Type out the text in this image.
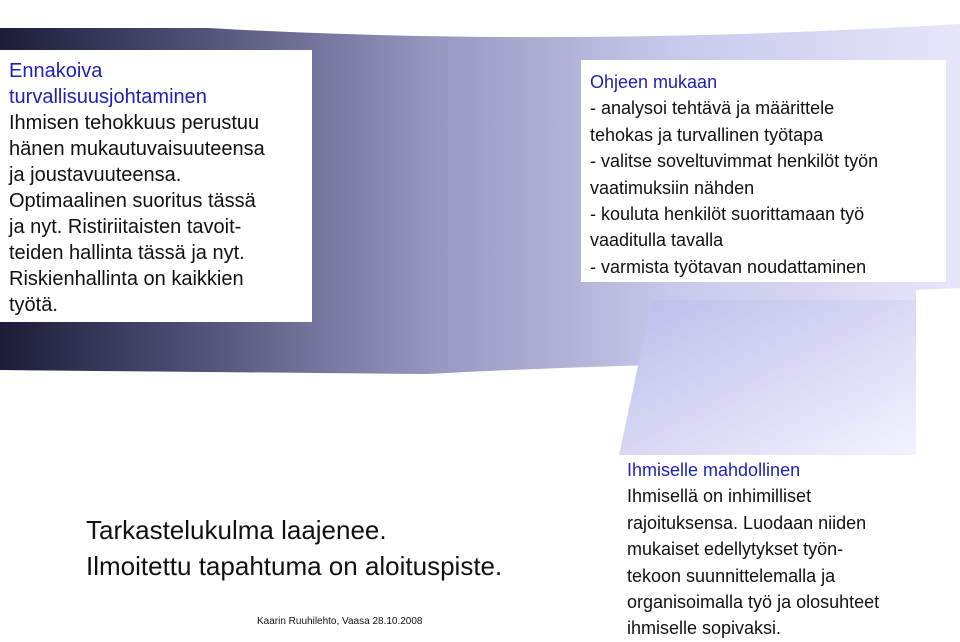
Ennakoiva
turvallisuusjohtaminen
Ihmisen tehokkuus perustuu
hänen mukautuvaisuuteensa
ja joustavuuteensa.
Optimaalinen suoritus tässä
ja nyt. Ristiriitaisten tavoit-
teiden hallinta tässä ja nyt.
Riskienhallinta on kaikkien
työtä.
Ohjeen mukaan
- analysoi tehtävä ja määrittele
tehokas ja turvallinen työtapa
- valitse soveltuvimmat henkilöt työn
vaatimuksiin nähden
- kouluta henkilöt suorittamaan työ
vaaditulla tavalla
- varmista työtavan noudattaminen
Tarkastelukulma laajenee.
Ilmoitettu tapahtuma on aloituspiste.
Ihmiselle mahdollinen
Ihmisellä on inhimilliset
rajoituksensa. Luodaan niiden
mukaiset edellytykset työn-
tekoon suunnittelemalla ja
organisoimalla työ ja olosuhteet
ihmiselle sopivaksi.
Kaarin Ruuhilehto, Vaasa 28.10.2008
